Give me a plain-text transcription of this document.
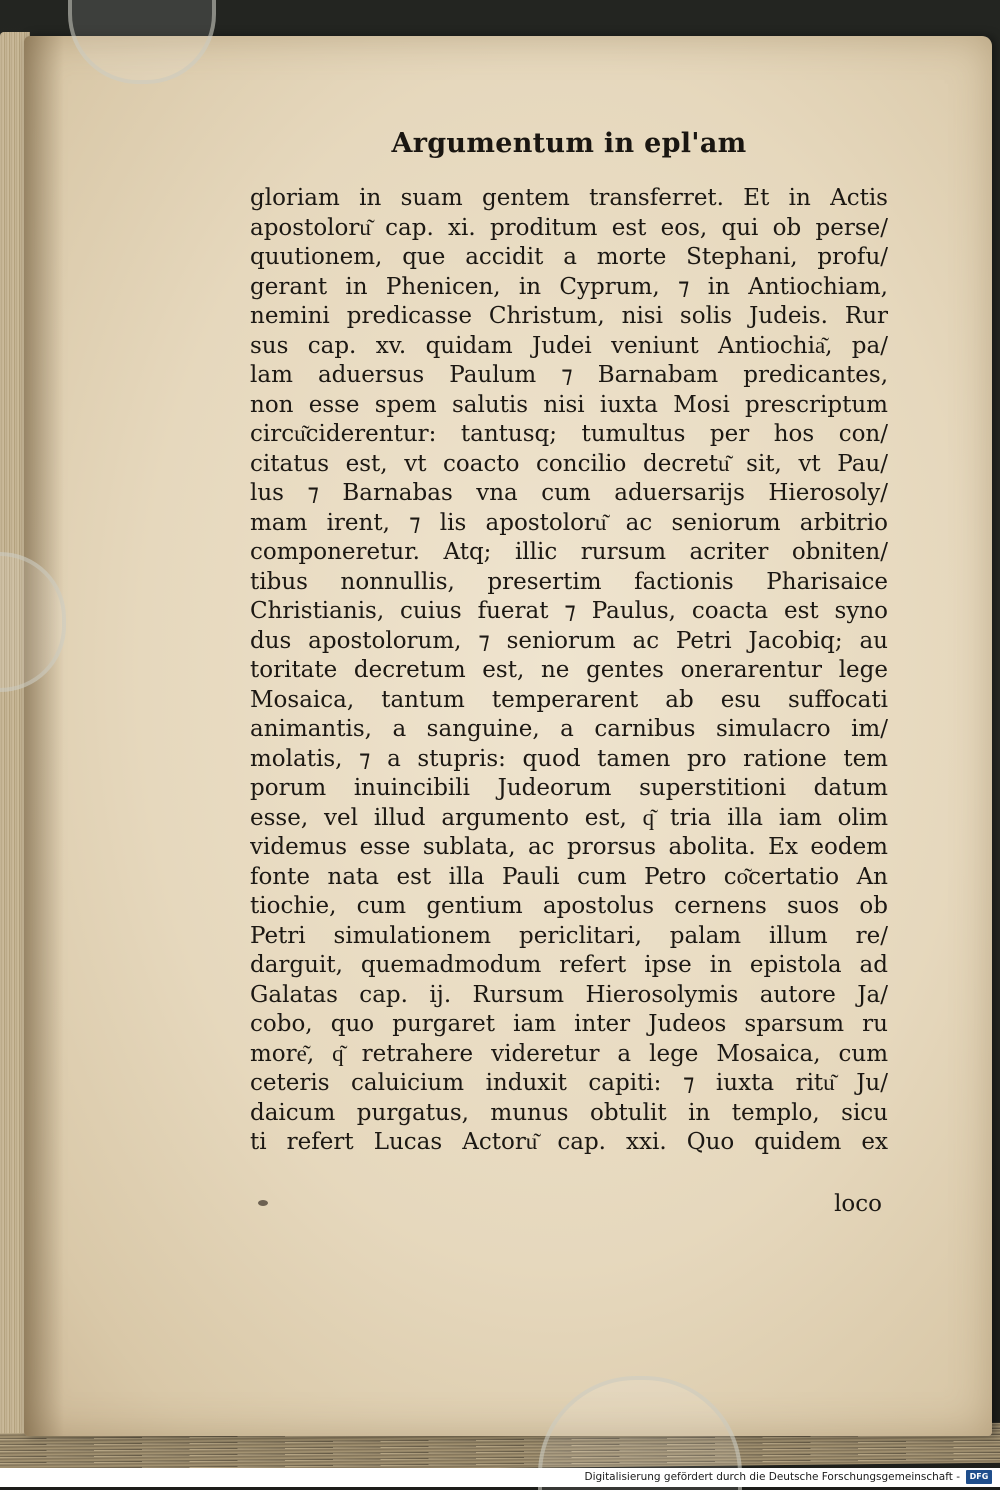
Argumentum in epl'am
gloriam in suam gentem transferret. Et in Actis
apostoloru͂ cap. xi. proditum est eos, qui ob perse/
quutionem, que accidit a morte Stephani, profu/
gerant in Phenicen, in Cyprum, ⁊ in Antiochiam,
nemini predicasse Christum, nisi solis Judeis. Rur
sus cap. xv. quidam Judei veniunt Antiochia͂, pa/
lam aduersus Paulum ⁊ Barnabam predicantes,
non esse spem salutis nisi iuxta Mosi prescriptum
circu͂ciderentur: tantusq; tumultus per hos con/
citatus est, vt coacto concilio decretu͂ sit, vt Pau/
lus ⁊ Barnabas vna cum aduersarijs Hierosoly/
mam irent, ⁊ lis apostoloru͂ ac seniorum arbitrio
componeretur. Atq; illic rursum acriter obniten/
tibus nonnullis, presertim factionis Pharisaice
Christianis, cuius fuerat ⁊ Paulus, coacta est syno
dus apostolorum, ⁊ seniorum ac Petri Jacobiq; au
toritate decretum est, ne gentes onerarentur lege
Mosaica, tantum temperarent ab esu suffocati
animantis, a sanguine, a carnibus simulacro im/
molatis, ⁊ a stupris: quod tamen pro ratione tem
porum inuincibili Judeorum superstitioni datum
esse, vel illud argumento est, q͂ tria illa iam olim
videmus esse sublata, ac prorsus abolita. Ex eodem
fonte nata est illa Pauli cum Petro co͂certatio An
tiochie, cum gentium apostolus cernens suos ob
Petri simulationem periclitari, palam illum re/
darguit, quemadmodum refert ipse in epistola ad
Galatas cap. ij. Rursum Hierosolymis autore Ja/
cobo, quo purgaret iam inter Judeos sparsum ru
more͂, q͂ retrahere videretur a lege Mosaica, cum
ceteris caluicium induxit capiti: ⁊ iuxta ritu͂ Ju/
daicum purgatus, munus obtulit in templo, sicu
ti refert Lucas Actoru͂ cap. xxi. Quo quidem ex
loco
Digitalisierung gefördert durch die Deutsche Forschungsgemeinschaft -	DFG
